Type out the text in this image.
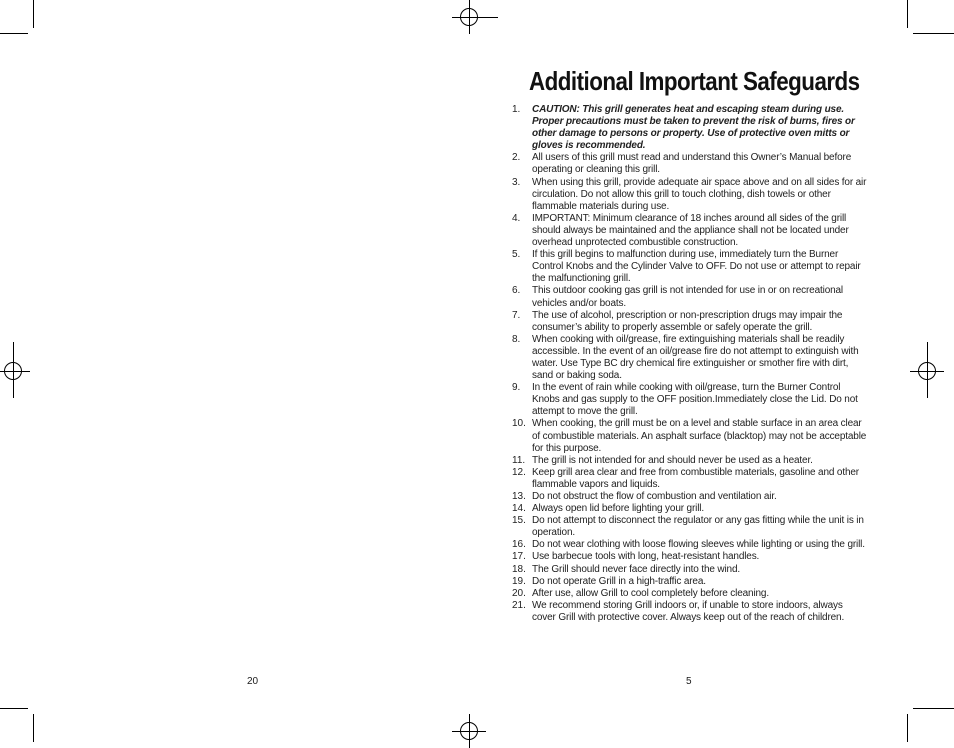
Additional Important Safeguards
1.	CAUTION: This grill generates heat and escaping steam during use. Proper precautions must be taken to prevent the risk of burns, fires or other damage to persons or property. Use of protective oven mitts or gloves is recommended.
2.	All users of this grill must read and understand this Owner’s Manual before operating or cleaning this grill.
3.	When using this grill, provide adequate air space above and on all sides for air circulation. Do not allow this grill to touch clothing, dish towels or other flammable materials during use.
4.	IMPORTANT: Minimum clearance of 18 inches around all sides of the grill should always be maintained and the appliance shall not be located under overhead unprotected combustible construction.
5.	If this grill begins to malfunction during use, immediately turn the Burner Control Knobs and the Cylinder Valve to OFF. Do not use or attempt to repair the malfunctioning grill.
6.	This outdoor cooking gas grill is not intended for use in or on recreational vehicles and/or boats.
7.	The use of alcohol, prescription or non-prescription drugs may impair the consumer’s ability to properly assemble or safely operate the grill.
8.	When cooking with oil/grease, fire extinguishing materials shall be readily accessible. In the event of an oil/grease fire do not attempt to extinguish with water. Use Type BC dry chemical fire extinguisher or smother fire with dirt, sand or baking soda.
9.	In the event of rain while cooking with oil/grease, turn the Burner Control Knobs and gas supply to the OFF position.Immediately close the Lid. Do not attempt to move the grill.
10. When cooking, the grill must be on a level and stable surface in an area clear of combustible materials. An asphalt surface (blacktop) may not be acceptable for this purpose.
11. The grill is not intended for and should never be used as a heater.
12. Keep grill area clear and free from combustible materials, gasoline and other flammable vapors and liquids.
13. Do not obstruct the flow of combustion and ventilation air.
14. Always open lid before lighting your grill.
15. Do not attempt to disconnect the regulator or any gas fitting while the unit is in operation.
16. Do not wear clothing with loose flowing sleeves while lighting or using the grill.
17. Use barbecue tools with long, heat-resistant handles.
18. The Grill should never face directly into the wind.
19. Do not operate Grill in a high-traffic area.
20. After use, allow Grill to cool completely before cleaning.
21. We recommend storing Grill indoors or, if unable to store indoors, always cover Grill with protective cover. Always keep out of the reach of children.
20	5
